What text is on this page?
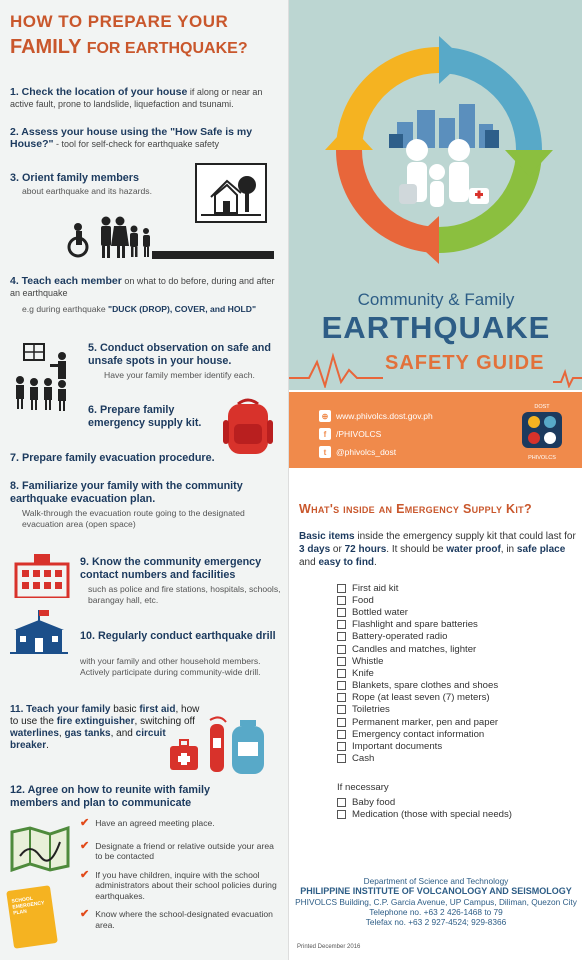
HOW TO PREPARE YOUR
FAMILY FOR EARTHQUAKE?
1. Check the location of your house if along or near an active fault, prone to landslide, liquefaction and tsunami.
2. Assess your house using the "How Safe is my House?" - tool for self-check for earthquake safety
3. Orient family members
about earthquake and its hazards.
4. Teach each member on what to do before, during and after an earthquake
e.g during earthquake "DUCK (DROP), COVER, and HOLD"
5. Conduct observation on safe and unsafe spots in your house.
Have your family member identify each.
6. Prepare family emergency supply kit.
7. Prepare family evacuation procedure.
8. Familiarize your family with the community earthquake evacuation plan.
Walk-through the evacuation route going to the designated evacuation area (open space)
9. Know the community emergency contact numbers and facilities
such as police and fire stations, hospitals, schools, barangay hall, etc.
10. Regularly conduct earthquake drill
with your family and other household members. Actively participate during community-wide drill.
11. Teach your family basic first aid, how to use the fire extinguisher, switching off waterlines, gas tanks, and circuit breaker.
12. Agree on how to reunite with family members and plan to communicate
SCHOOL EMERGENCY PLAN
✔ Have an agreed meeting place.
✔ Designate a friend or relative outside your area to be contacted
✔ If you have children, inquire with the school administrators about their school policies during earthquakes.
✔ Know where the school-designated evacuation area.
Community & Family
EARTHQUAKE
SAFETY GUIDE
⊕ www.phivolcs.dost.gov.ph
f	/PHIVOLCS
t	@phivolcs_dost
DOST
PHIVOLCS
What's inside an Emergency Supply Kit?
Basic items inside the emergency supply kit that could last for 3 days or 72 hours. It should be water proof, in safe place and easy to find.
First aid kit
Food
Bottled water
Flashlight and spare batteries
Battery-operated radio
Candles and matches, lighter
Whistle
Knife
Blankets, spare clothes and shoes
Rope (at least seven (7) meters)
Toiletries
Permanent marker, pen and paper
Emergency contact information
Important documents
Cash
If necessary
Baby food
Medication (those with special needs)
Department of Science and Technology
PHILIPPINE INSTITUTE OF VOLCANOLOGY AND SEISMOLOGY
PHIVOLCS Building, C.P. Garcia Avenue, UP Campus, Diliman, Quezon City
Telephone no. +63 2 426-1468 to 79
Telefax no. +63 2 927-4524; 929-8366
Printed December 2016
